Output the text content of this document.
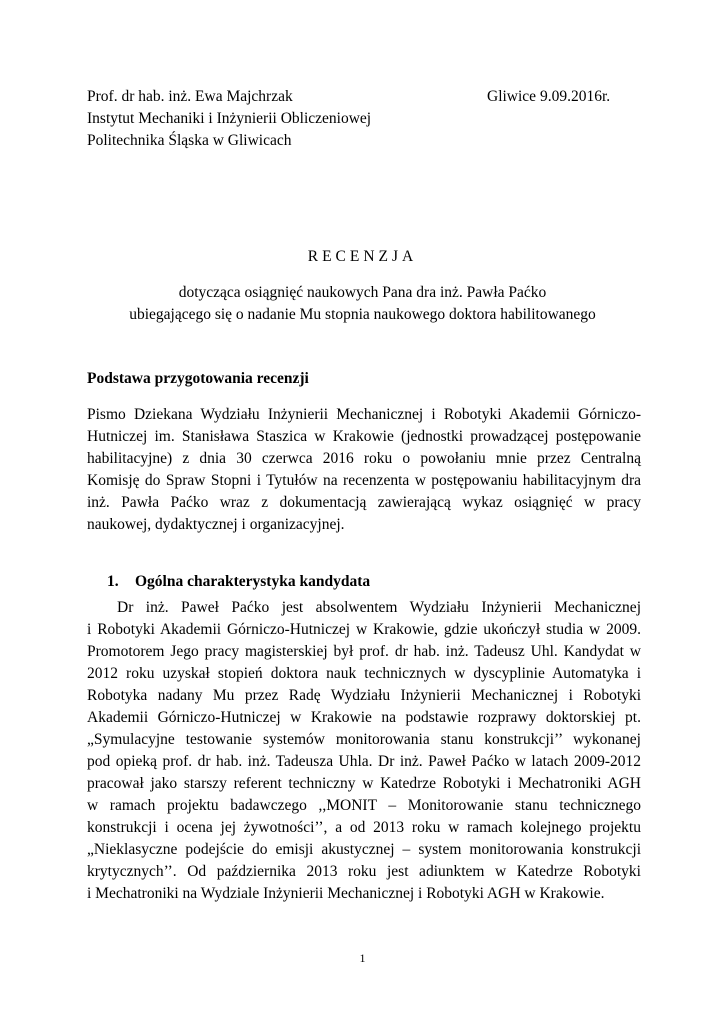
Prof. dr hab. inż. Ewa Majchrzak
Instytut Mechaniki i Inżynierii Obliczeniowej
Politechnika Śląska w Gliwicach
Gliwice 9.09.2016r.
RECENZJA
dotycząca osiągnięć naukowych Pana dra inż. Pawła Paćko
ubiegającego się o nadanie Mu stopnia naukowego doktora habilitowanego
Podstawa przygotowania recenzji
Pismo Dziekana Wydziału Inżynierii Mechanicznej i Robotyki Akademii Górniczo-
Hutniczej im. Stanisława Staszica w Krakowie (jednostki prowadzącej postępowanie
habilitacyjne) z dnia 30 czerwca 2016 roku o powołaniu mnie przez Centralną
Komisję do Spraw Stopni i Tytułów na recenzenta w postępowaniu habilitacyjnym dra
inż. Pawła Paćko wraz z dokumentacją zawierającą wykaz osiągnięć w pracy
naukowej, dydaktycznej i organizacyjnej.
1. Ogólna charakterystyka kandydata
Dr inż. Paweł Paćko jest absolwentem Wydziału Inżynierii Mechanicznej
i Robotyki Akademii Górniczo-Hutniczej w Krakowie, gdzie ukończył studia w 2009.
Promotorem Jego pracy magisterskiej był prof. dr hab. inż. Tadeusz Uhl. Kandydat w
2012 roku uzyskał stopień doktora nauk technicznych w dyscyplinie Automatyka i
Robotyka nadany Mu przez Radę Wydziału Inżynierii Mechanicznej i Robotyki
Akademii Górniczo-Hutniczej w Krakowie na podstawie rozprawy doktorskiej pt.
„Symulacyjne testowanie systemów monitorowania stanu konstrukcji’’ wykonanej
pod opieką prof. dr hab. inż. Tadeusza Uhla. Dr inż. Paweł Paćko w latach 2009-2012
pracował jako starszy referent techniczny w Katedrze Robotyki i Mechatroniki AGH
w ramach projektu badawczego ,,MONIT – Monitorowanie stanu technicznego
konstrukcji i ocena jej żywotności’’, a od 2013 roku w ramach kolejnego projektu
„Nieklasyczne podejście do emisji akustycznej – system monitorowania konstrukcji
krytycznych’’. Od października 2013 roku jest adiunktem w Katedrze Robotyki
i Mechatroniki na Wydziale Inżynierii Mechanicznej i Robotyki AGH w Krakowie.
1
